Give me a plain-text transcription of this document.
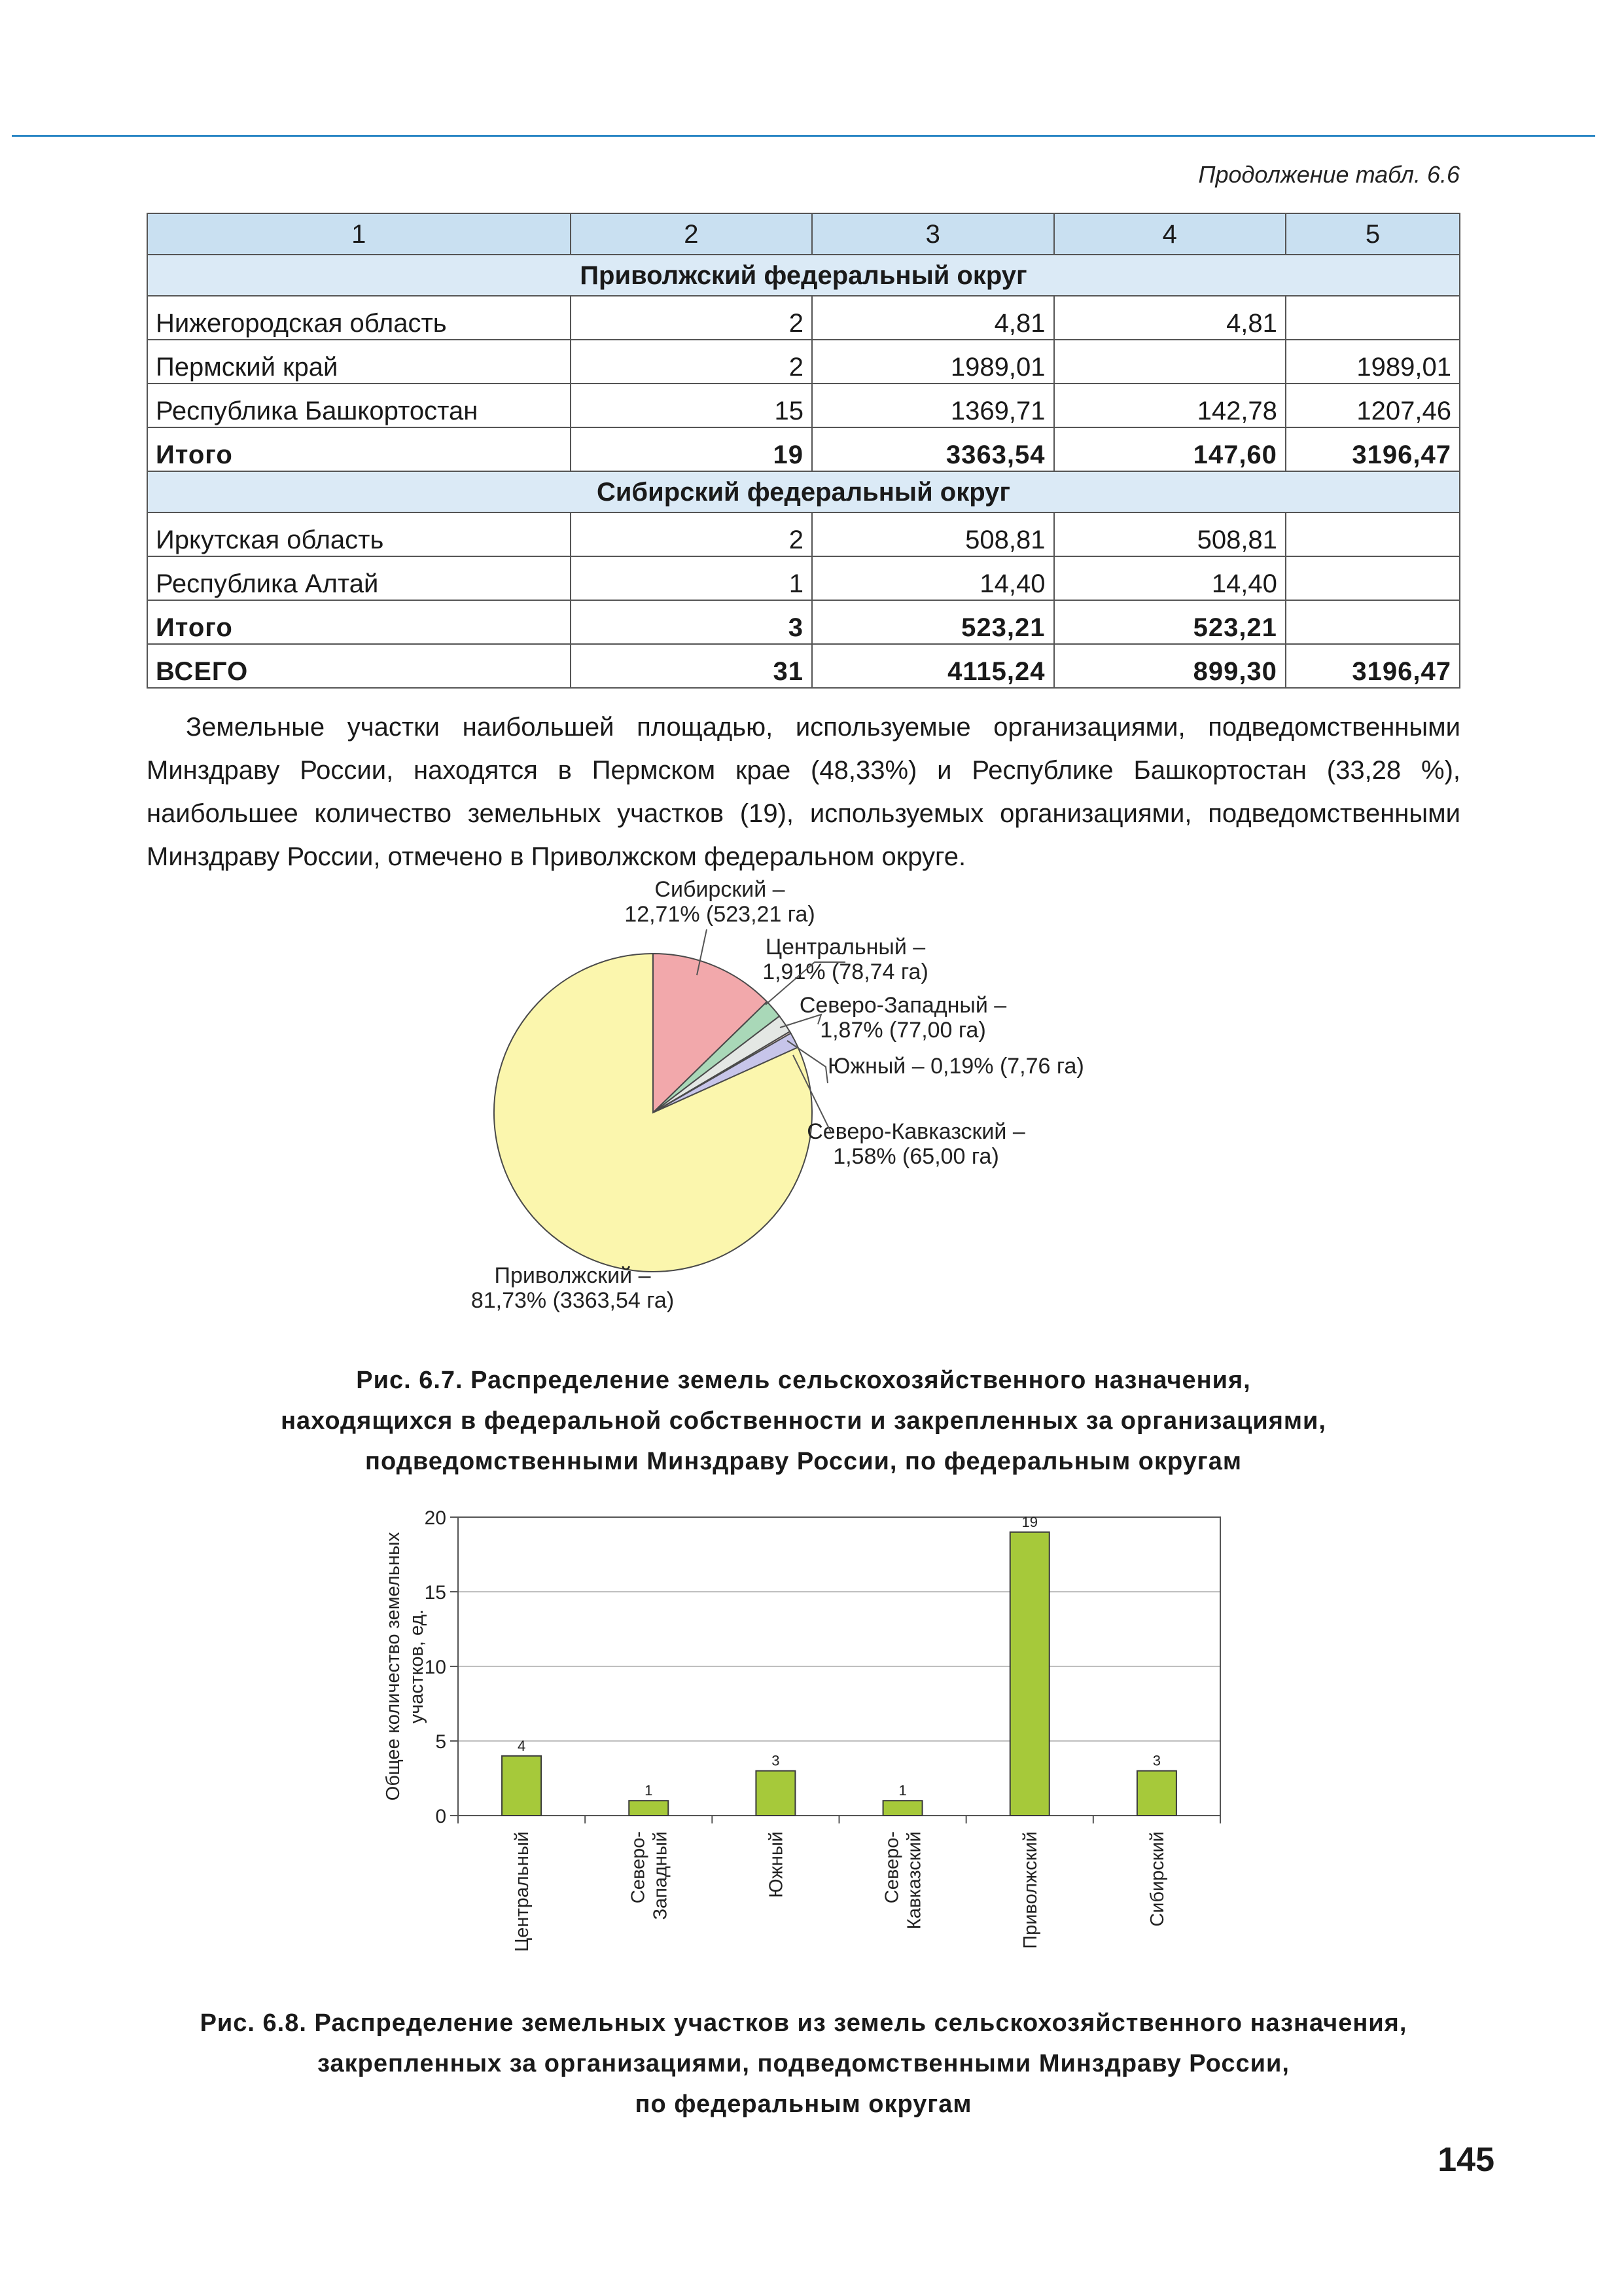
Продолжение табл. 6.6
1	2	3	4	5
Приволжский федеральный округ				
Нижегородская область	2	4,81	4,81	
Пермский край	2	1989,01		1989,01
Республика Башкортостан	15	1369,71	142,78	1207,46
Итого	19	3363,54	147,60	3196,47
Сибирский федеральный округ				
Иркутская область	2	508,81	508,81	
Республика Алтай	1	14,40	14,40	
Итого	3	523,21	523,21	
ВСЕГО	31	4115,24	899,30	3196,47
Земельные участки наибольшей площадью, используемые организациями, подведомственными Минздраву России, находятся в Пермском крае (48,33%) и Республике Башкортостан (33,28 %), наибольшее количество земельных участков (19), используемых организациями, подведомственными Минздраву России, отмечено в Приволжском федеральном округе.
Сибирский –
12,71% (523,21 га)
Центральный –
1,91% (78,74 га)
Северо-Западный –
1,87% (77,00 га)
Южный – 0,19% (7,76 га)
Северо-Кавказский –
1,58% (65,00 га)
Приволжский –
81,73% (3363,54 га)
Рис. 6.7. Распределение земель сельскохозяйственного назначения,
находящихся в федеральной собственности и закрепленных за организациями,
подведомственными Минздраву России, по федеральным округам
0
5
10
15
20
Общее количество земельных участков, ед.
4
Центральный
1
Северо-Западный
3
Южный
1
Северо-Кавказский
19
Приволжский
3
Сибирский
Рис. 6.8. Распределение земельных участков из земель сельскохозяйственного назначения,
закрепленных за организациями, подведомственными Минздраву России,
по федеральным округам
145
